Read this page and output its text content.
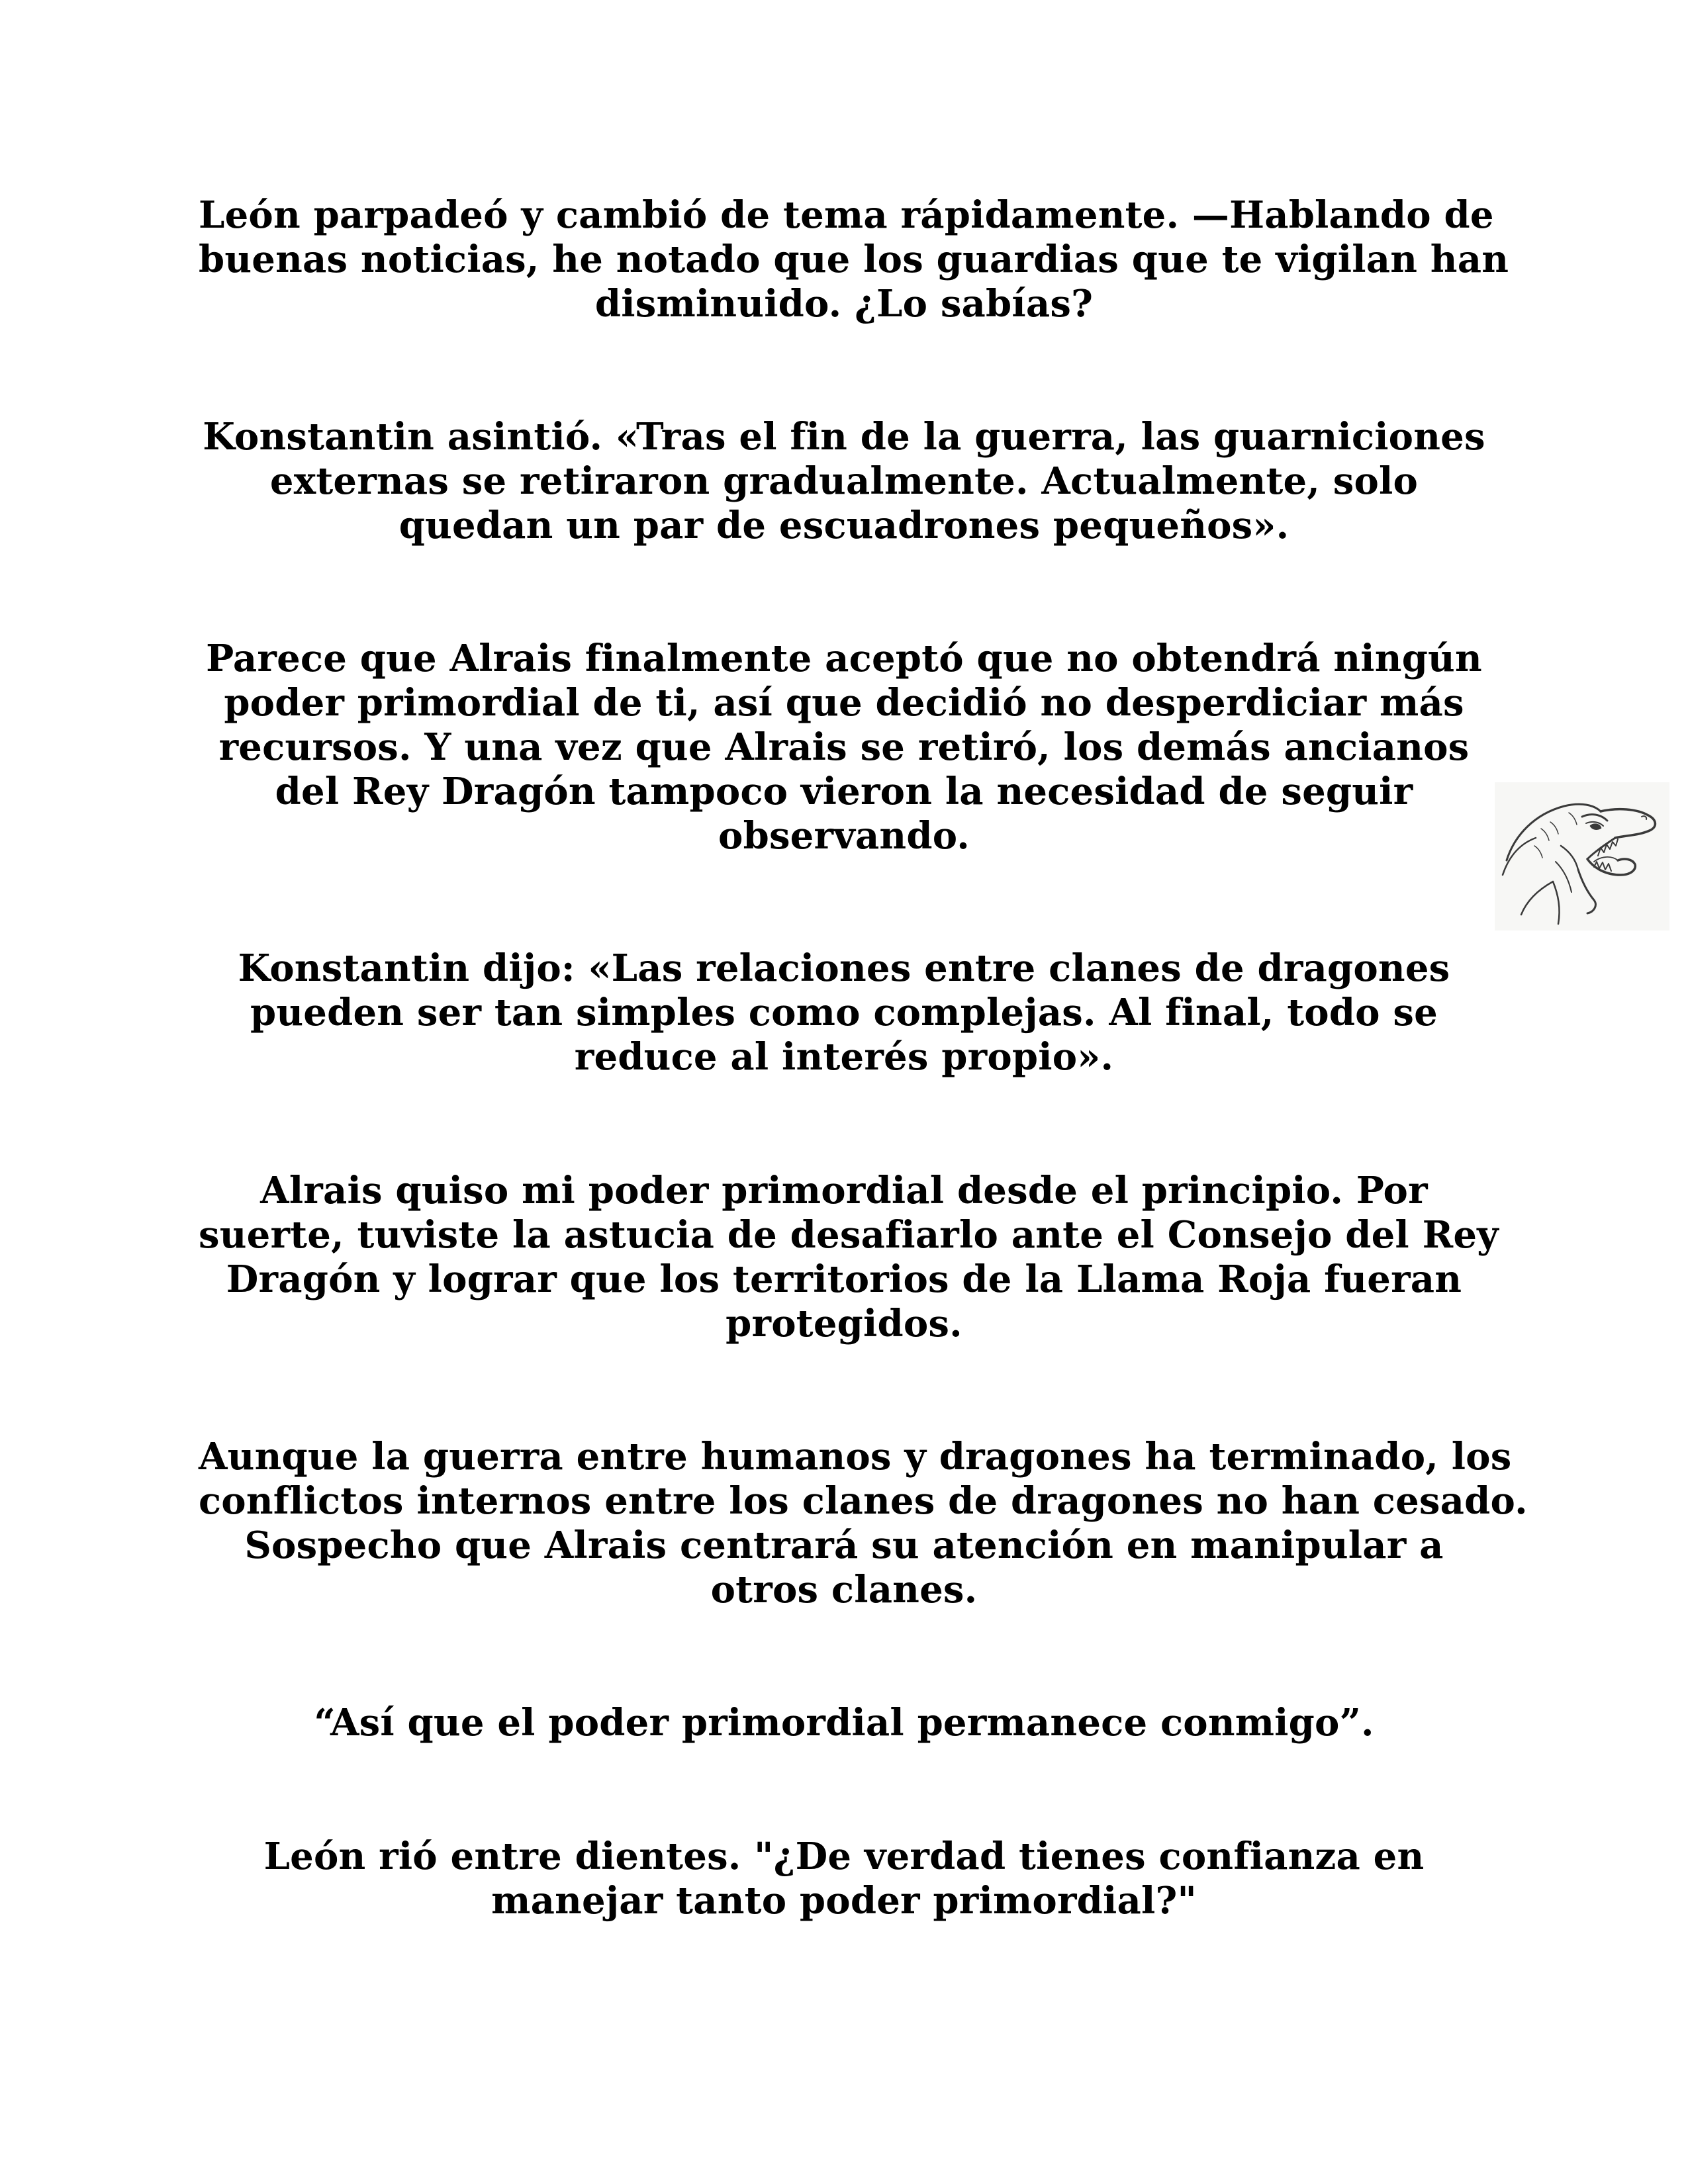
León parpadeó y cambió de tema rápidamente. —Hablando de
buenas noticias, he notado que los guardias que te vigilan han
disminuido. ¿Lo sabías?

Konstantin asintió. «Tras el fin de la guerra, las guarniciones
externas se retiraron gradualmente. Actualmente, solo
quedan un par de escuadrones pequeños».

Parece que Alrais finalmente aceptó que no obtendrá ningún
poder primordial de ti, así que decidió no desperdiciar más
recursos. Y una vez que Alrais se retiró, los demás ancianos
del Rey Dragón tampoco vieron la necesidad de seguir
observando.

Konstantin dijo: «Las relaciones entre clanes de dragones
pueden ser tan simples como complejas. Al final, todo se
reduce al interés propio».

Alrais quiso mi poder primordial desde el principio. Por
suerte, tuviste la astucia de desafiarlo ante el Consejo del Rey
Dragón y lograr que los territorios de la Llama Roja fueran
protegidos.

Aunque la guerra entre humanos y dragones ha terminado, los
conflictos internos entre los clanes de dragones no han cesado.
Sospecho que Alrais centrará su atención en manipular a
otros clanes.

“Así que el poder primordial permanece conmigo”.

León rió entre dientes. "¿De verdad tienes confianza en
manejar tanto poder primordial?"
